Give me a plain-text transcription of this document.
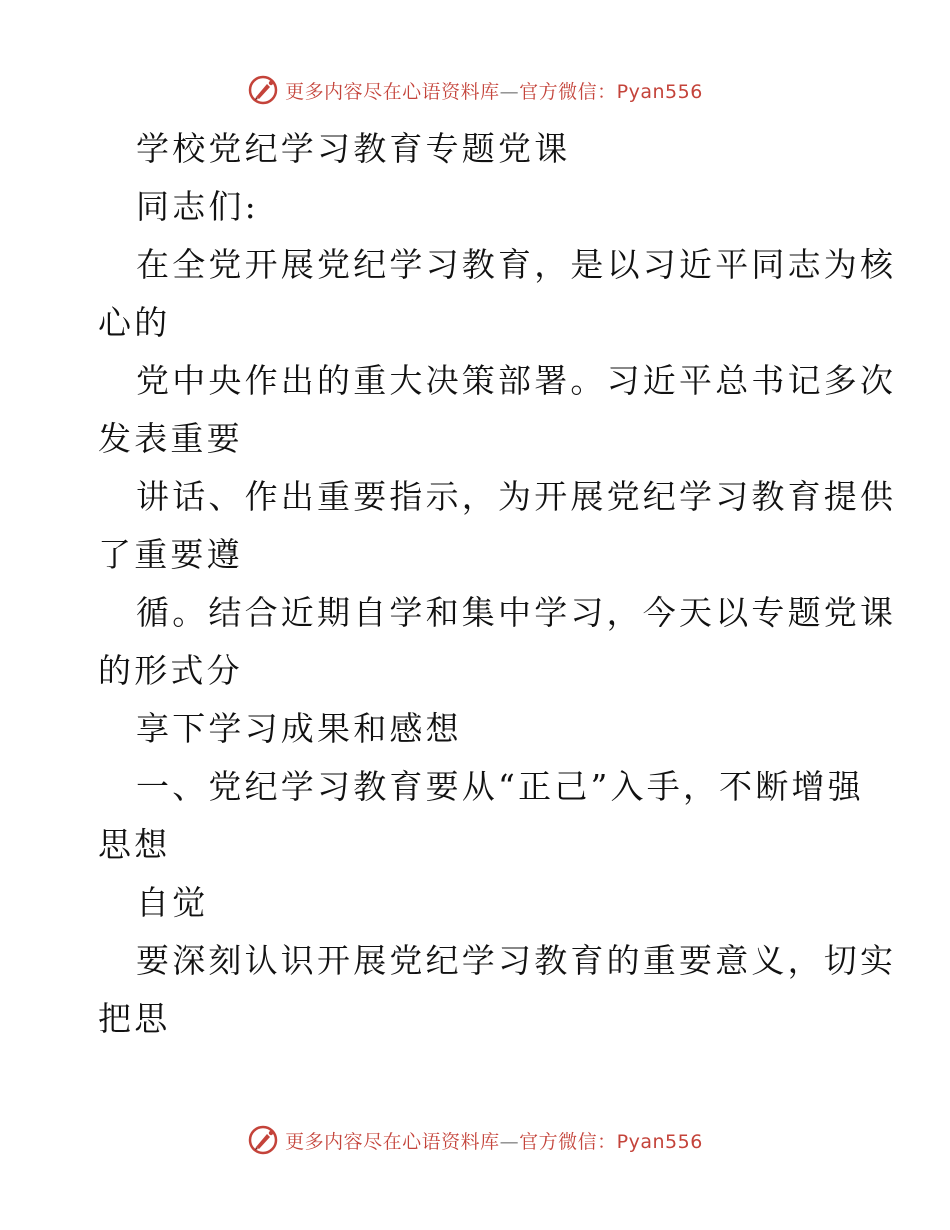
更多内容尽在心语资料库—官方微信：Pyan556
学校党纪学习教育专题党课
同志们:
在全党开展党纪学习教育，是以习近平同志为核
心的
党中央作出的重大决策部署。习近平总书记多次
发表重要
讲话、作出重要指示，为开展党纪学习教育提供
了重要遵
循。结合近期自学和集中学习，今天以专题党课
的形式分
享下学习成果和感想
一、党纪学习教育要从“正己”入手，不断增强
思想
自觉
要深刻认识开展党纪学习教育的重要意义，切实
把思
更多内容尽在心语资料库—官方微信：Pyan556
